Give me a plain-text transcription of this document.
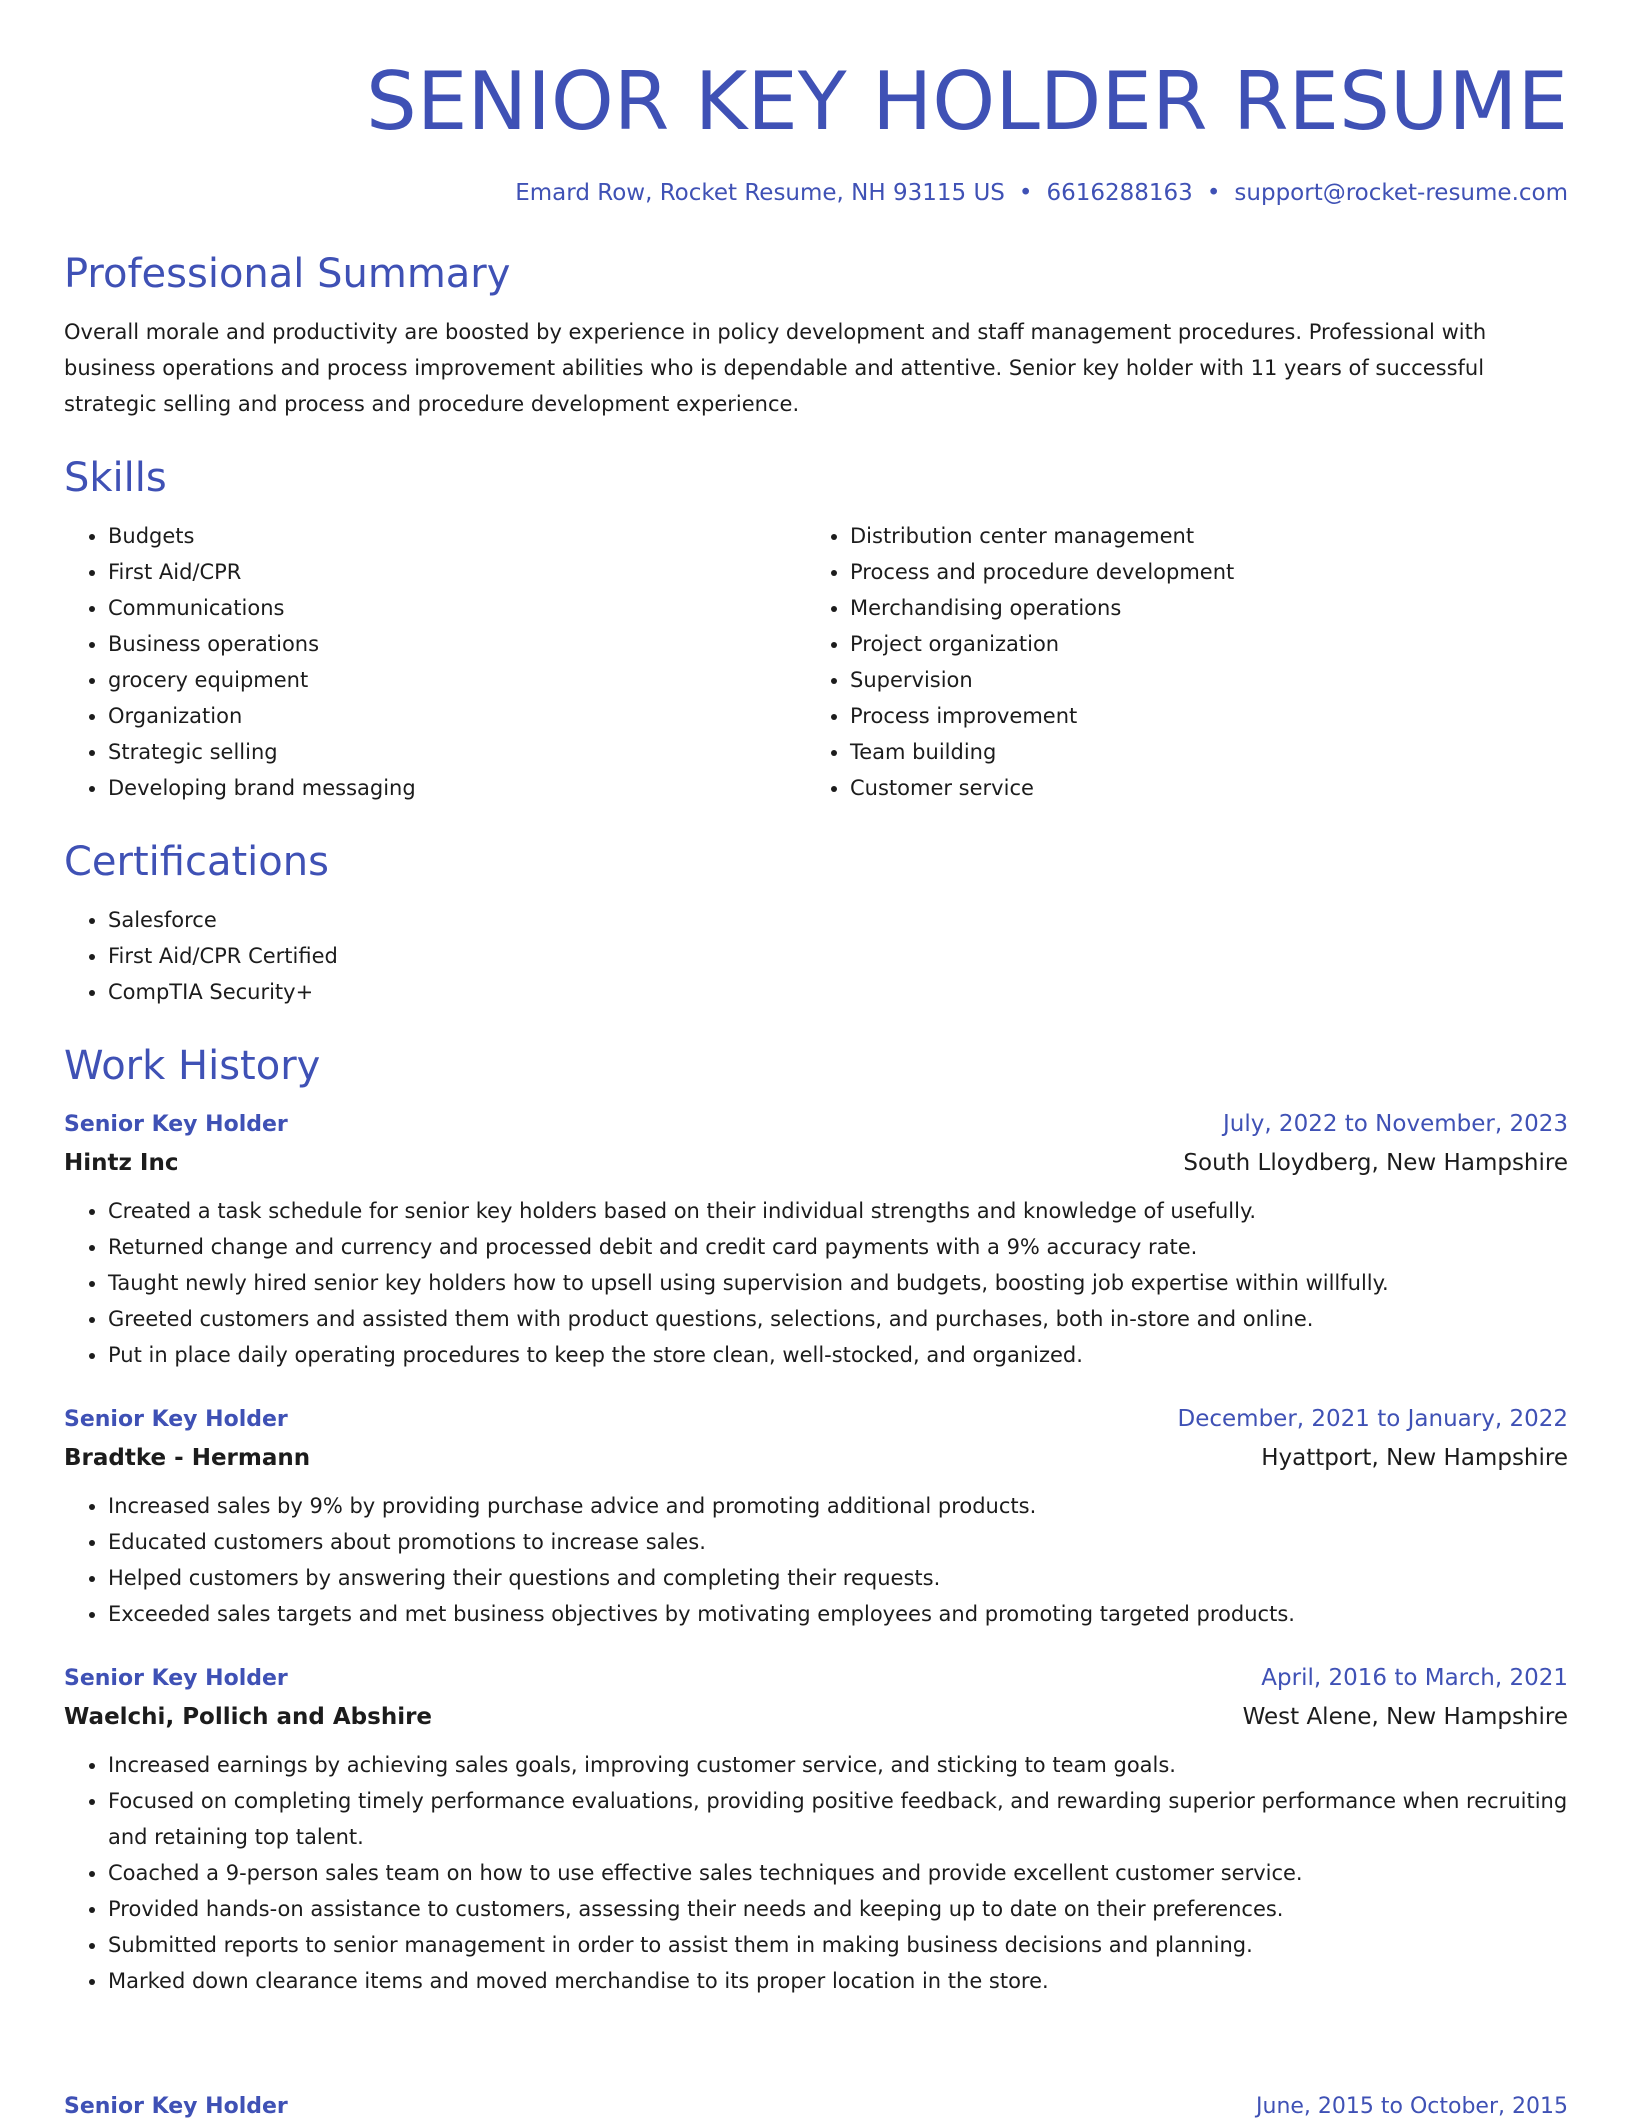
SENIOR KEY HOLDER RESUME
Emard Row, Rocket Resume, NH 93115 US • 6616288163 • support@rocket-resume.com
Professional Summary

Overall morale and productivity are boosted by experience in policy development and staff management procedures. Professional with business operations and process improvement abilities who is dependable and attentive. Senior key holder with 11 years of successful strategic selling and process and procedure development experience.

Skills
• Budgets
• First Aid/CPR
• Communications
• Business operations
• grocery equipment
• Organization
• Strategic selling
• Developing brand messaging
• Distribution center management
• Process and procedure development
• Merchandising operations
• Project organization
• Supervision
• Process improvement
• Team building
• Customer service
Certifications
• Salesforce
• First Aid/CPR Certified
• CompTIA Security+
Work History
Senior Key Holder	July, 2022 to November, 2023
Hintz Inc	South Lloydberg, New Hampshire
• Created a task schedule for senior key holders based on their individual strengths and knowledge of usefully.
• Returned change and currency and processed debit and credit card payments with a 9% accuracy rate.
• Taught newly hired senior key holders how to upsell using supervision and budgets, boosting job expertise within willfully.
• Greeted customers and assisted them with product questions, selections, and purchases, both in-store and online.
• Put in place daily operating procedures to keep the store clean, well-stocked, and organized.
Senior Key Holder	December, 2021 to January, 2022
Bradtke - Hermann	Hyattport, New Hampshire
• Increased sales by 9% by providing purchase advice and promoting additional products.
• Educated customers about promotions to increase sales.
• Helped customers by answering their questions and completing their requests.
• Exceeded sales targets and met business objectives by motivating employees and promoting targeted products.
Senior Key Holder	April, 2016 to March, 2021
Waelchi, Pollich and Abshire	West Alene, New Hampshire
• Increased earnings by achieving sales goals, improving customer service, and sticking to team goals.
• Focused on completing timely performance evaluations, providing positive feedback, and rewarding superior performance when recruiting and retaining top talent.
• Coached a 9-person sales team on how to use effective sales techniques and provide excellent customer service.
• Provided hands-on assistance to customers, assessing their needs and keeping up to date on their preferences.
• Submitted reports to senior management in order to assist them in making business decisions and planning.
• Marked down clearance items and moved merchandise to its proper location in the store.
Senior Key Holder	June, 2015 to October, 2015
